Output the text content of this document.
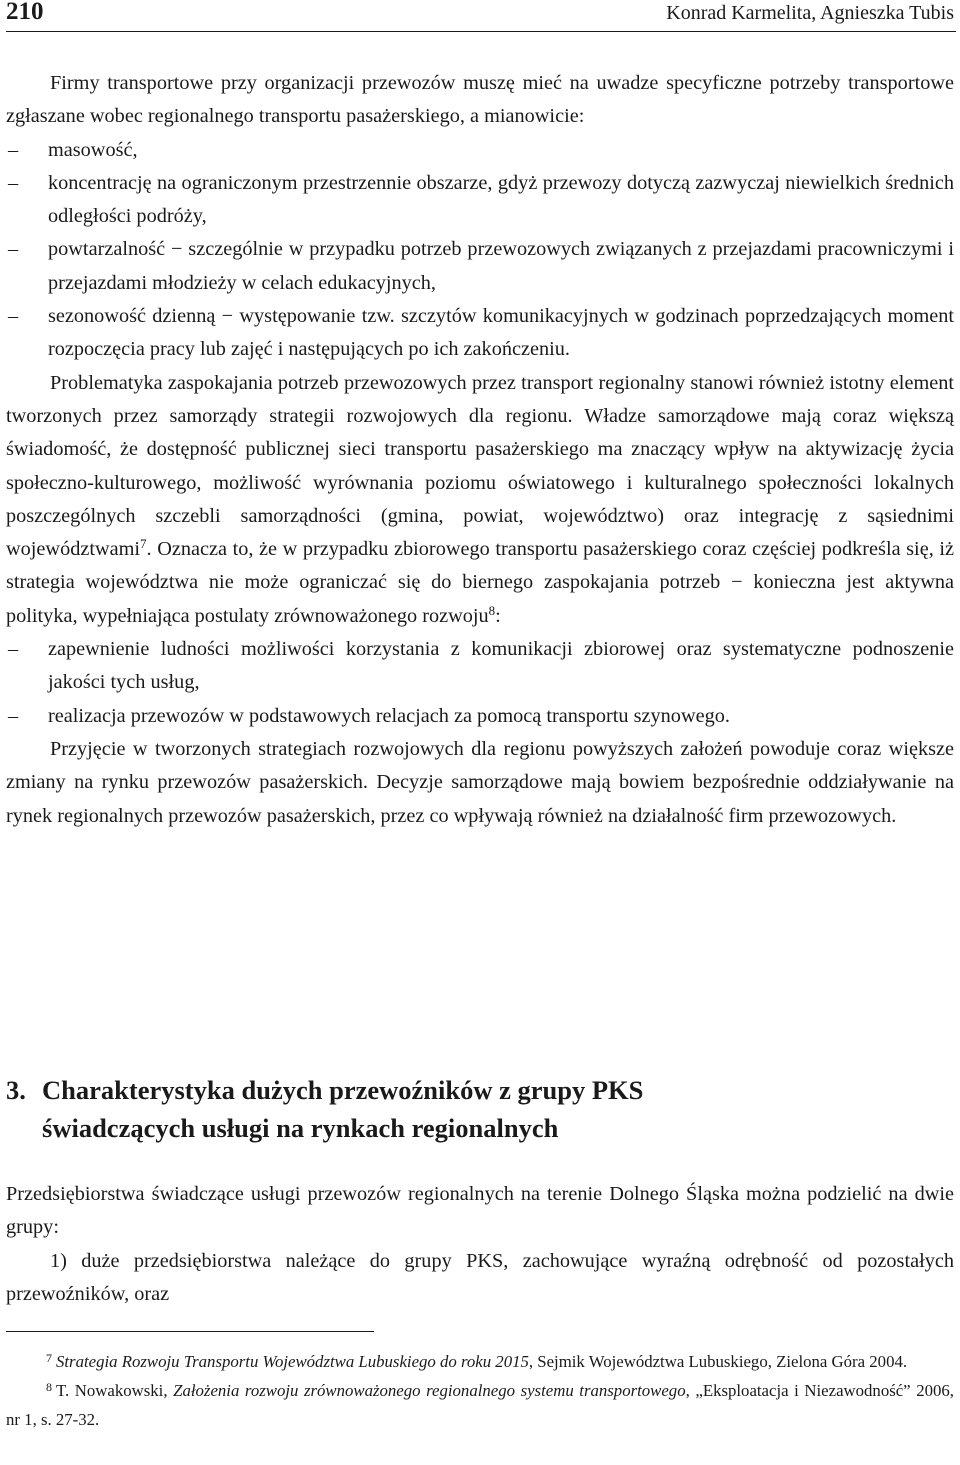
210	Konrad Karmelita, Agnieszka Tubis

Firmy transportowe przy organizacji przewozów muszę mieć na uwadze specyficzne potrzeby transportowe zgłaszane wobec regionalnego transportu pasażerskiego, a mianowicie:

– masowość,
– koncentrację na ograniczonym przestrzennie obszarze, gdyż przewozy dotyczą zazwyczaj niewielkich średnich odległości podróży,
– powtarzalność − szczególnie w przypadku potrzeb przewozowych związanych z przejazdami pracowniczymi i przejazdami młodzieży w celach edukacyjnych,
– sezonowość dzienną − występowanie tzw. szczytów komunikacyjnych w godzinach poprzedzających moment rozpoczęcia pracy lub zajęć i następujących po ich zakończeniu.

Problematyka zaspokajania potrzeb przewozowych przez transport regionalny stanowi również istotny element tworzonych przez samorządy strategii rozwojowych dla regionu. Władze samorządowe mają coraz większą świadomość, że dostępność publicznej sieci transportu pasażerskiego ma znaczący wpływ na aktywizację życia społeczno-kulturowego, możliwość wyrównania poziomu oświatowego i kulturalnego społeczności lokalnych poszczególnych szczebli samorządności (gmina, powiat, województwo) oraz integrację z sąsiednimi województwami$^7$. Oznacza to, że w przypadku zbiorowego transportu pasażerskiego coraz częściej podkreśla się, iż strategia województwa nie może ograniczać się do biernego zaspokajania potrzeb − konieczna jest aktywna polityka, wypełniająca postulaty zrównoważonego rozwoju$^8$:

– zapewnienie ludności możliwości korzystania z komunikacji zbiorowej oraz systematyczne podnoszenie jakości tych usług,
– realizacja przewozów w podstawowych relacjach za pomocą transportu szynowego.

Przyjęcie w tworzonych strategiach rozwojowych dla regionu powyższych założeń powoduje coraz większe zmiany na rynku przewozów pasażerskich. Decyzje samorządowe mają bowiem bezpośrednie oddziaływanie na rynek regionalnych przewozów pasażerskich, przez co wpływają również na działalność firm przewozowych.

3. Charakterystyka dużych przewoźników z grupy PKS
świadczących usługi na rynkach regionalnych

Przedsiębiorstwa świadczące usługi przewozów regionalnych na terenie Dolnego Śląska można podzielić na dwie grupy:

1) duże przedsiębiorstwa należące do grupy PKS, zachowujące wyraźną odrębność od pozostałych przewoźników, oraz

$^7$ Strategia Rozwoju Transportu Województwa Lubuskiego do roku 2015, Sejmik Województwa Lubuskiego, Zielona Góra 2004.

$^8$ T. Nowakowski, Założenia rozwoju zrównoważonego regionalnego systemu transportowego, „Eksploatacja i Niezawodność” 2006, nr 1, s. 27-32.
